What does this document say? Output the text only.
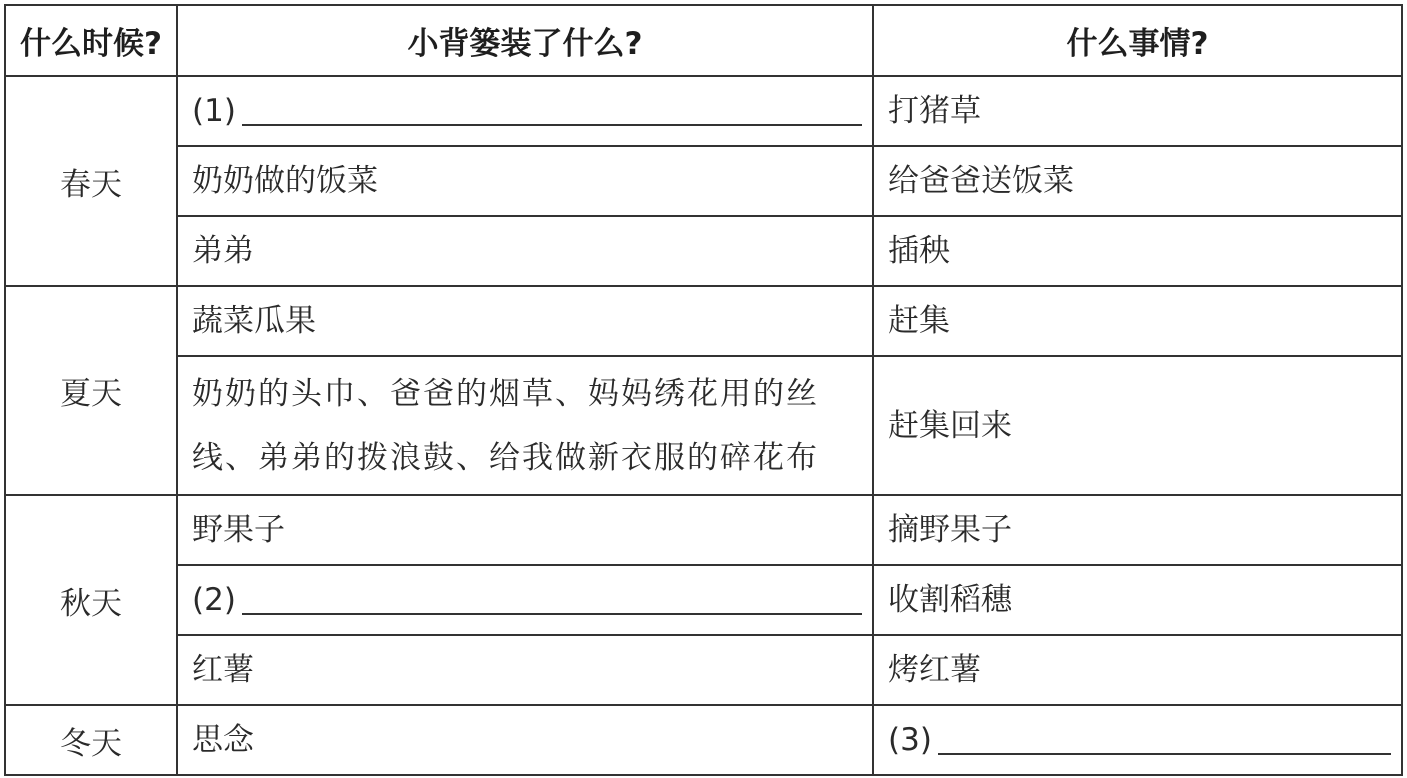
什么时候?	小背篓装了什么?	什么事情?
春天	(1)	打猪草
	奶奶做的饭菜	给爸爸送饭菜
	弟弟	插秧
夏天	蔬菜瓜果	赶集
	奶奶的头巾、爸爸的烟草、妈妈绣花用的丝线、弟弟的拨浪鼓、给我做新衣服的碎花布	赶集回来
秋天	野果子	摘野果子

	(2)	收割稻穗
	红薯	烤红薯
冬天	思念	(3)
